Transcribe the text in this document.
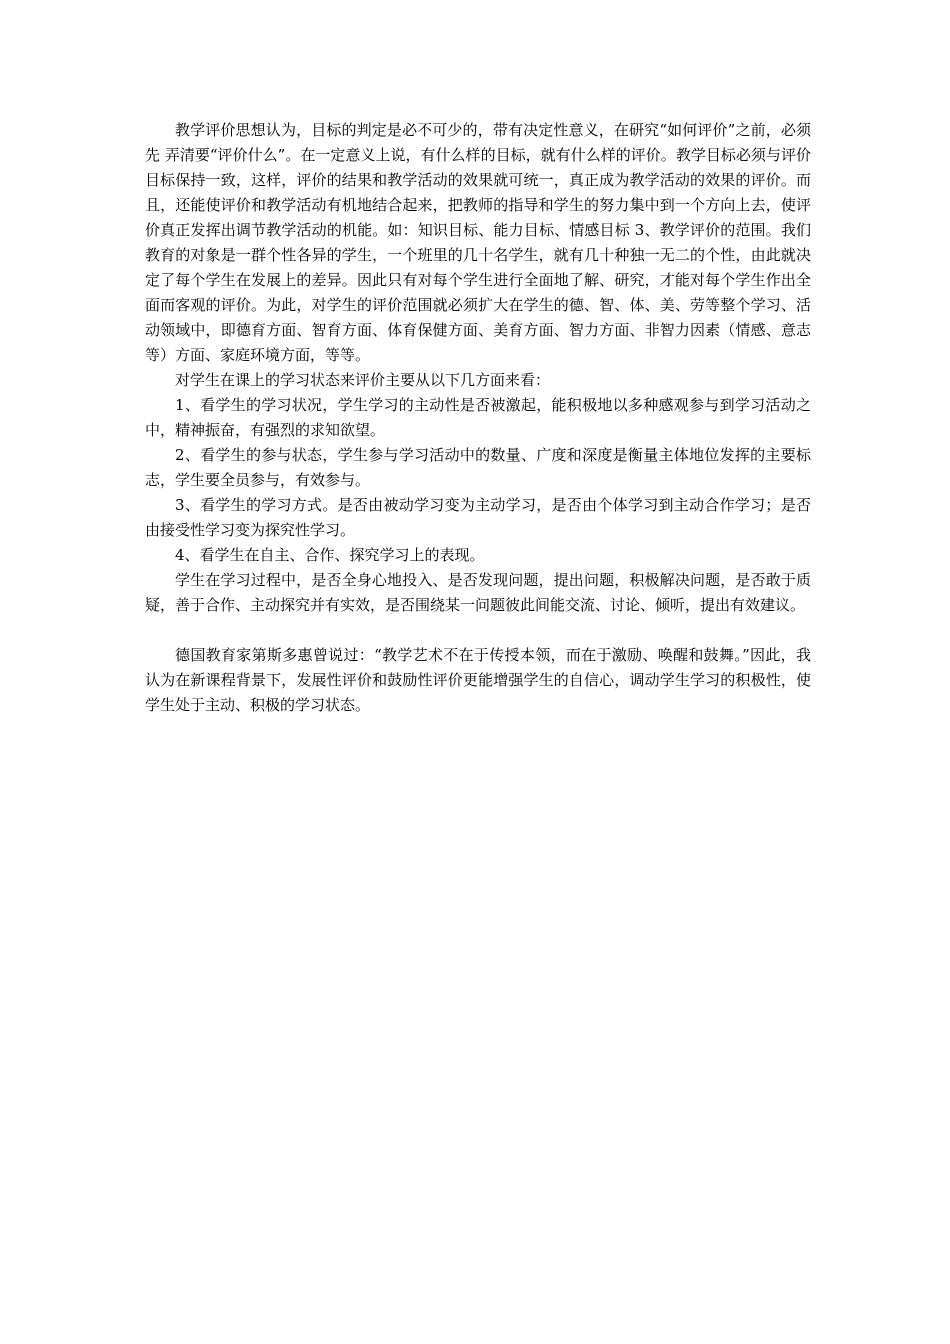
教学评价思想认为，目标的判定是必不可少的，带有决定性意义，在研究“如何评价”之前，必须先 弄清要“评价什么”。在一定意义上说，有什么样的目标，就有什么样的评价。教学目标必须与评价目标保持一致，这样，评价的结果和教学活动的效果就可统一，真正成为教学活动的效果的评价。而且，还能使评价和教学活动有机地结合起来，把教师的指导和学生的努力集中到一个方向上去，使评价真正发挥出调节教学活动的机能。如：知识目标、能力目标、情感目标 3、教学评价的范围。我们教育的对象是一群个性各异的学生，一个班里的几十名学生，就有几十种独一无二的个性，由此就决定了每个学生在发展上的差异。因此只有对每个学生进行全面地了解、研究，才能对每个学生作出全面而客观的评价。为此，对学生的评价范围就必须扩大在学生的德、智、体、美、劳等整个学习、活动领域中，即德育方面、智育方面、体育保健方面、美育方面、智力方面、非智力因素（情感、意志等）方面、家庭环境方面，等等。

对学生在课上的学习状态来评价主要从以下几方面来看：

1、看学生的学习状况，学生学习的主动性是否被激起，能积极地以多种感观参与到学习活动之中，精神振奋，有强烈的求知欲望。

2、看学生的参与状态，学生参与学习活动中的数量、广度和深度是衡量主体地位发挥的主要标志，学生要全员参与，有效参与。

3、看学生的学习方式。是否由被动学习变为主动学习，是否由个体学习到主动合作学习；是否由接受性学习变为探究性学习。

4、看学生在自主、合作、探究学习上的表现。

学生在学习过程中，是否全身心地投入、是否发现问题，提出问题，积极解决问题，是否敢于质疑，善于合作、主动探究并有实效，是否围绕某一问题彼此间能交流、讨论、倾听，提出有效建议。

德国教育家第斯多惠曾说过：“教学艺术不在于传授本领，而在于激励、唤醒和鼓舞。”因此，我认为在新课程背景下，发展性评价和鼓励性评价更能增强学生的自信心，调动学生学习的积极性，使学生处于主动、积极的学习状态。
